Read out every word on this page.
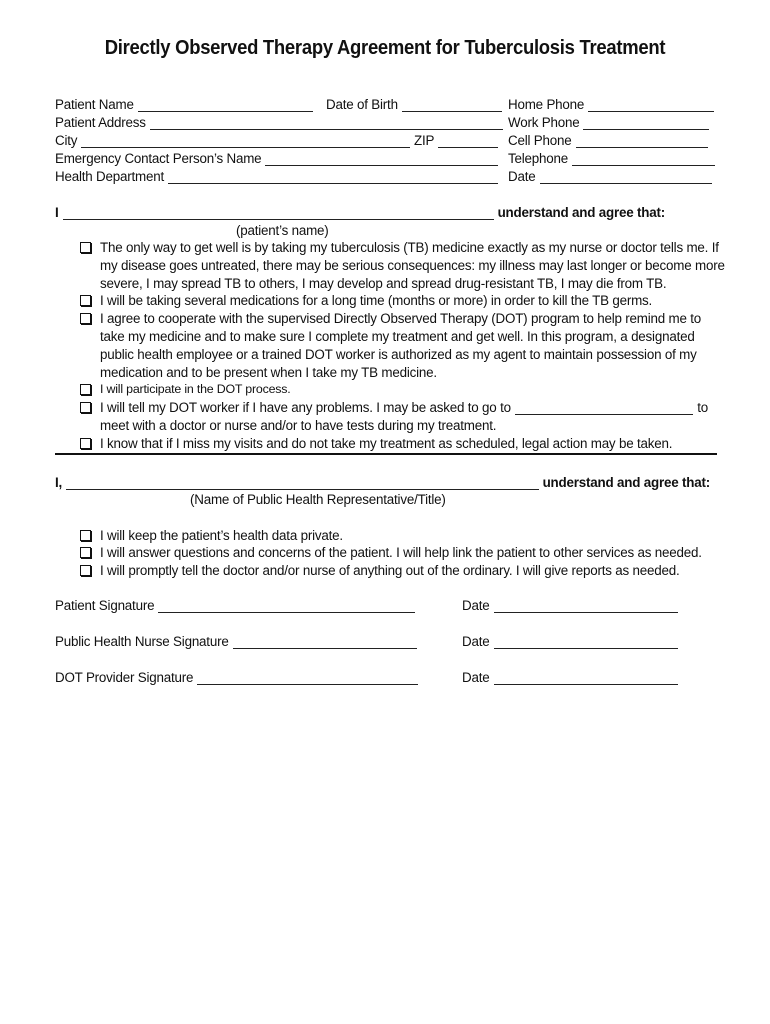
Directly Observed Therapy Agreement for Tuberculosis Treatment
Patient Name	Date of Birth	Home Phone
Patient Address	Work Phone
City	ZIP	Cell Phone
Emergency Contact Person’s Name	Telephone
Health Department	Date
I	understand and agree that:
(patient’s name)
The only way to get well is by taking my tuberculosis (TB) medicine exactly as my nurse or doctor tells me. If
my disease goes untreated, there may be serious consequences: my illness may last longer or become more
severe, I may spread TB to others, I may develop and spread drug-resistant TB, I may die from TB.
I will be taking several medications for a long time (months or more) in order to kill the TB germs.
I agree to cooperate with the supervised Directly Observed Therapy (DOT) program to help remind me to
take my medicine and to make sure I complete my treatment and get well. In this program, a designated
public health employee or a trained DOT worker is authorized as my agent to maintain possession of my
medication and to be present when I take my TB medicine.
I will participate in the DOT process.
I will tell my DOT worker if I have any problems. I may be asked to go to	to
meet with a doctor or nurse and/or to have tests during my treatment.
I know that if I miss my visits and do not take my treatment as scheduled, legal action may be taken.
I,	understand and agree that:
(Name of Public Health Representative/Title)
I will keep the patient’s health data private.
I will answer questions and concerns of the patient. I will help link the patient to other services as needed.
I will promptly tell the doctor and/or nurse of anything out of the ordinary. I will give reports as needed.
Patient Signature	Date
Public Health Nurse Signature	Date
DOT Provider Signature	Date
